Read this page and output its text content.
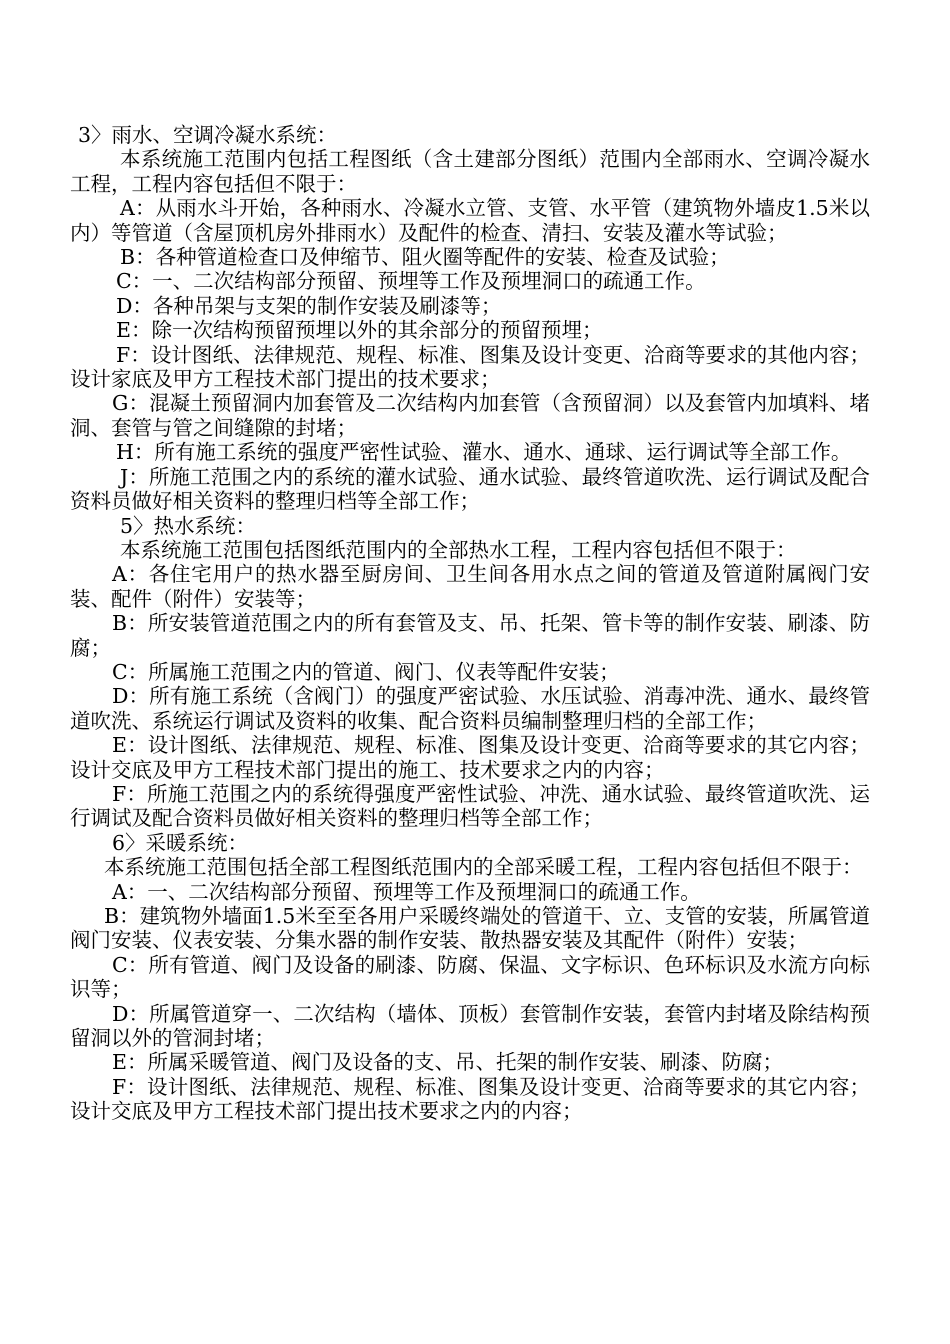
3〉雨水、空调冷凝水系统：

本系统施工范围内包括工程图纸（含土建部分图纸）范围内全部雨水、空调冷凝水工程，工程内容包括但不限于：

A：从雨水斗开始，各种雨水、冷凝水立管、支管、水平管（建筑物外墙皮1.5米以内）等管道（含屋顶机房外排雨水）及配件的检查、清扫、安装及灌水等试验；

B：各种管道检查口及伸缩节、阻火圈等配件的安装、检查及试验；

C：一、二次结构部分预留、预埋等工作及预埋洞口的疏通工作。

D：各种吊架与支架的制作安装及刷漆等；

E：除一次结构预留预埋以外的其余部分的预留预埋；

F：设计图纸、法律规范、规程、标准、图集及设计变更、洽商等要求的其他内容；设计家底及甲方工程技术部门提出的技术要求；

G：混凝土预留洞内加套管及二次结构内加套管（含预留洞）以及套管内加填料、堵洞、套管与管之间缝隙的封堵；

H：所有施工系统的强度严密性试验、灌水、通水、通球、运行调试等全部工作。

J：所施工范围之内的系统的灌水试验、通水试验、最终管道吹洗、运行调试及配合资料员做好相关资料的整理归档等全部工作；

5〉热水系统：

本系统施工范围包括图纸范围内的全部热水工程，工程内容包括但不限于：

A：各住宅用户的热水器至厨房间、卫生间各用水点之间的管道及管道附属阀门安装、配件（附件）安装等；

B：所安装管道范围之内的所有套管及支、吊、托架、管卡等的制作安装、刷漆、防腐；

C：所属施工范围之内的管道、阀门、仪表等配件安装；

D：所有施工系统（含阀门）的强度严密试验、水压试验、消毒冲洗、通水、最终管道吹洗、系统运行调试及资料的收集、配合资料员编制整理归档的全部工作；

E：设计图纸、法律规范、规程、标准、图集及设计变更、洽商等要求的其它内容；设计交底及甲方工程技术部门提出的施工、技术要求之内的内容；

F：所施工范围之内的系统得强度严密性试验、冲洗、通水试验、最终管道吹洗、运行调试及配合资料员做好相关资料的整理归档等全部工作；

6〉采暖系统：

本系统施工范围包括全部工程图纸范围内的全部采暖工程，工程内容包括但不限于：

A：一、二次结构部分预留、预埋等工作及预埋洞口的疏通工作。

B：建筑物外墙面1.5米至至各用户采暖终端处的管道干、立、支管的安装，所属管道阀门安装、仪表安装、分集水器的制作安装、散热器安装及其配件（附件）安装；

C：所有管道、阀门及设备的刷漆、防腐、保温、文字标识、色环标识及水流方向标识等；

D：所属管道穿一、二次结构（墙体、顶板）套管制作安装，套管内封堵及除结构预留洞以外的管洞封堵；

E：所属采暖管道、阀门及设备的支、吊、托架的制作安装、刷漆、防腐；

F：设计图纸、法律规范、规程、标准、图集及设计变更、洽商等要求的其它内容；设计交底及甲方工程技术部门提出技术要求之内的内容；
